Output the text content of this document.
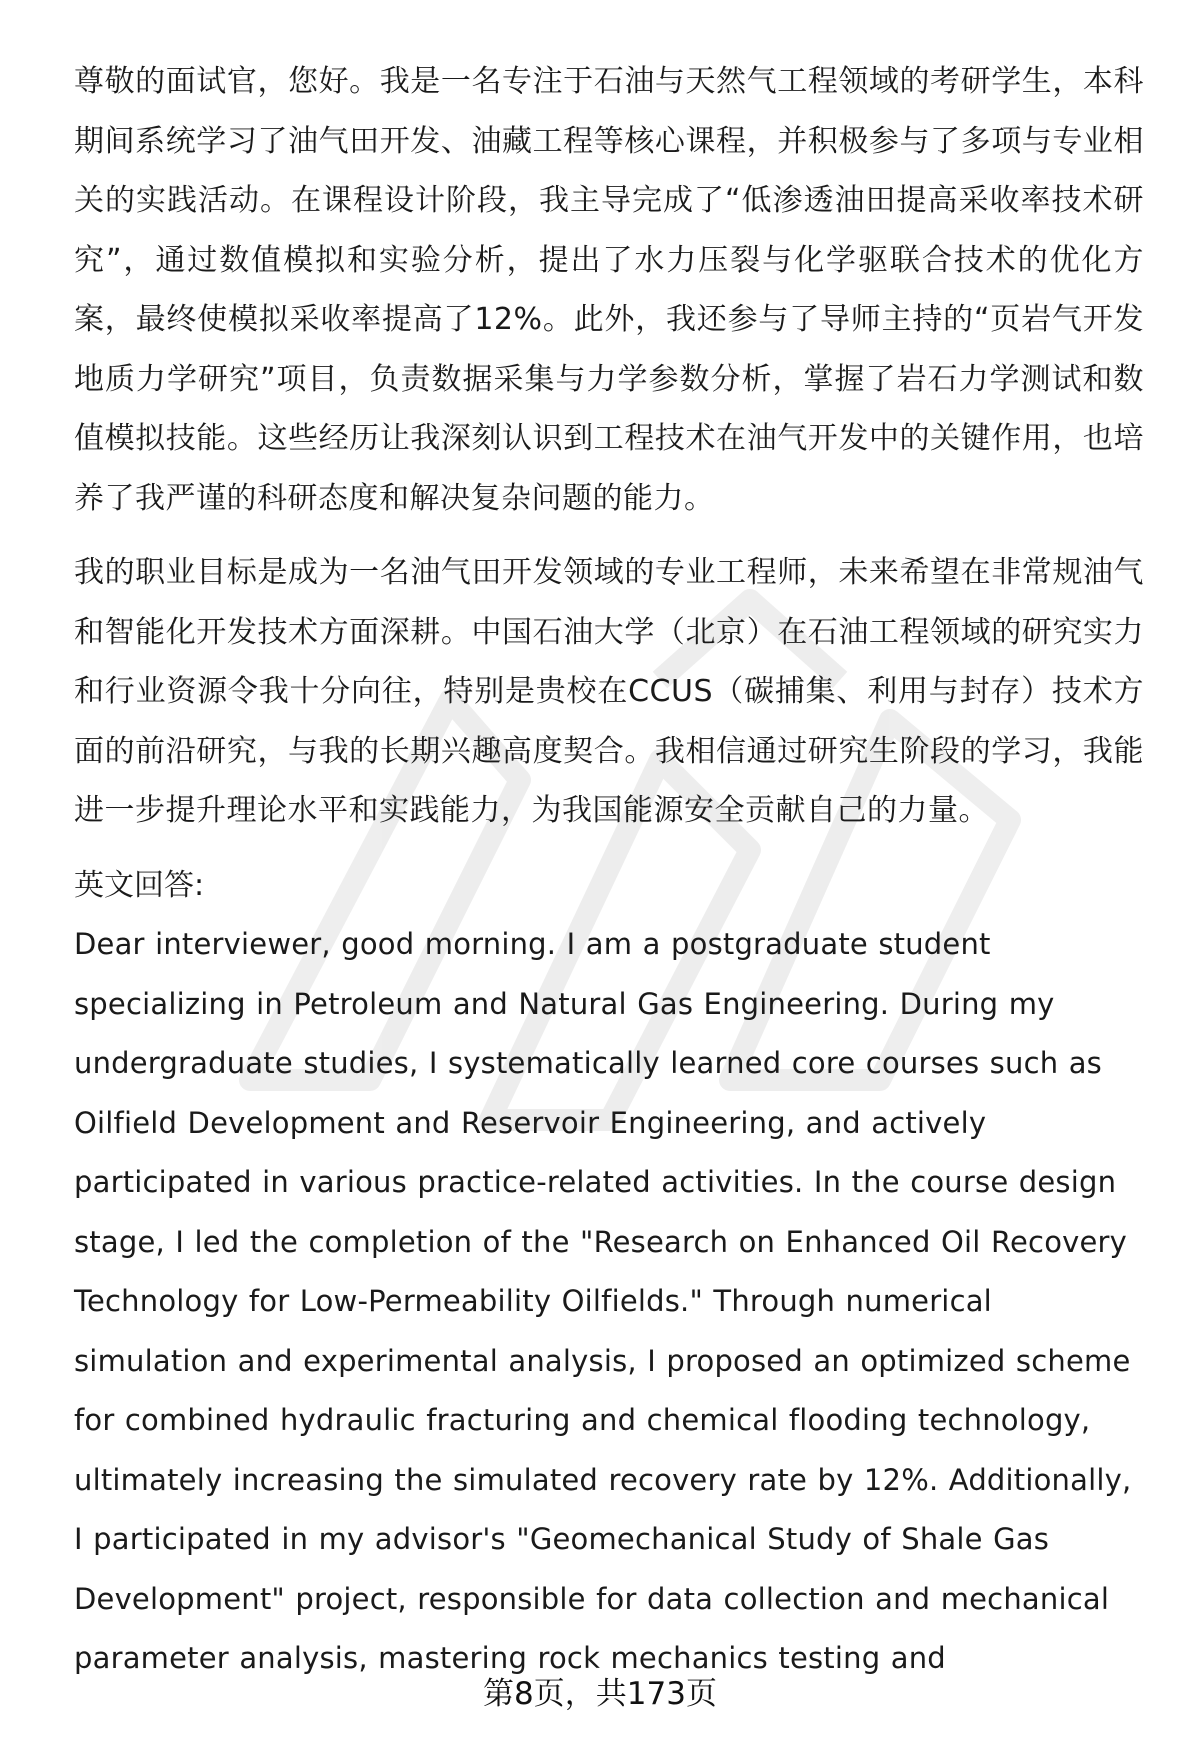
尊敬的面试官，您好。我是一名专注于石油与天然气工程领域的考研学生，本科期间系统学习了油气田开发、油藏工程等核心课程，并积极参与了多项与专业相关的实践活动。在课程设计阶段，我主导完成了“低渗透油田提高采收率技术研究”，通过数值模拟和实验分析，提出了水力压裂与化学驱联合技术的优化方案，最终使模拟采收率提高了12%。此外，我还参与了导师主持的“页岩气开发地质力学研究”项目，负责数据采集与力学参数分析，掌握了岩石力学测试和数值模拟技能。这些经历让我深刻认识到工程技术在油气开发中的关键作用，也培养了我严谨的科研态度和解决复杂问题的能力。

我的职业目标是成为一名油气田开发领域的专业工程师，未来希望在非常规油气和智能化开发技术方面深耕。中国石油大学（北京）在石油工程领域的研究实力和行业资源令我十分向往，特别是贵校在CCUS（碳捕集、利用与封存）技术方面的前沿研究，与我的长期兴趣高度契合。我相信通过研究生阶段的学习，我能进一步提升理论水平和实践能力，为我国能源安全贡献自己的力量。

英文回答:

Dear interviewer, good morning. I am a postgraduate student specializing in Petroleum and Natural Gas Engineering. During my undergraduate studies, I systematically learned core courses such as Oilfield Development and Reservoir Engineering, and actively participated in various practice-related activities. In the course design stage, I led the completion of the "Research on Enhanced Oil Recovery Technology for Low-Permeability Oilfields." Through numerical simulation and experimental analysis, I proposed an optimized scheme for combined hydraulic fracturing and chemical flooding technology, ultimately increasing the simulated recovery rate by 12%. Additionally, I participated in my advisor's "Geomechanical Study of Shale Gas Development" project, responsible for data collection and mechanical parameter analysis, mastering rock mechanics testing and

第8页，共173页
